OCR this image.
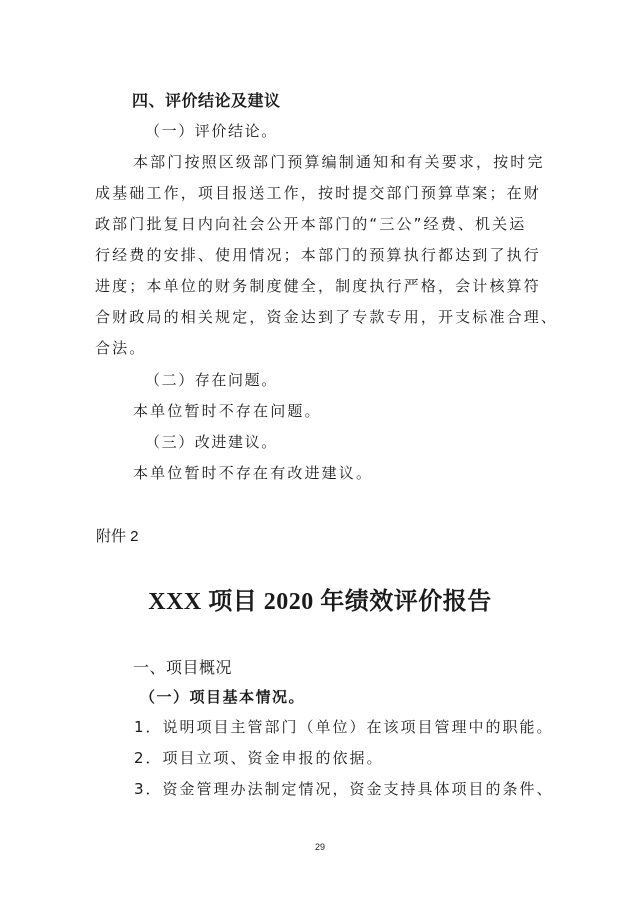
四、评价结论及建议
（一）评价结论。
本部门按照区级部门预算编制通知和有关要求，按时完
成基础工作，项目报送工作，按时提交部门预算草案；在财
政部门批复日内向社会公开本部门的“三公”经费、机关运
行经费的安排、使用情况；本部门的预算执行都达到了执行
进度；本单位的财务制度健全，制度执行严格，会计核算符
合财政局的相关规定，资金达到了专款专用，开支标准合理、
合法。
（二）存在问题。
本单位暂时不存在问题。
（三）改进建议。
本单位暂时不存在有改进建议。
附件 2
XXX 项目 2020 年绩效评价报告
一、项目概况
（一）项目基本情况。
1．说明项目主管部门（单位）在该项目管理中的职能。
2．项目立项、资金申报的依据。
3．资金管理办法制定情况，资金支持具体项目的条件、
29
